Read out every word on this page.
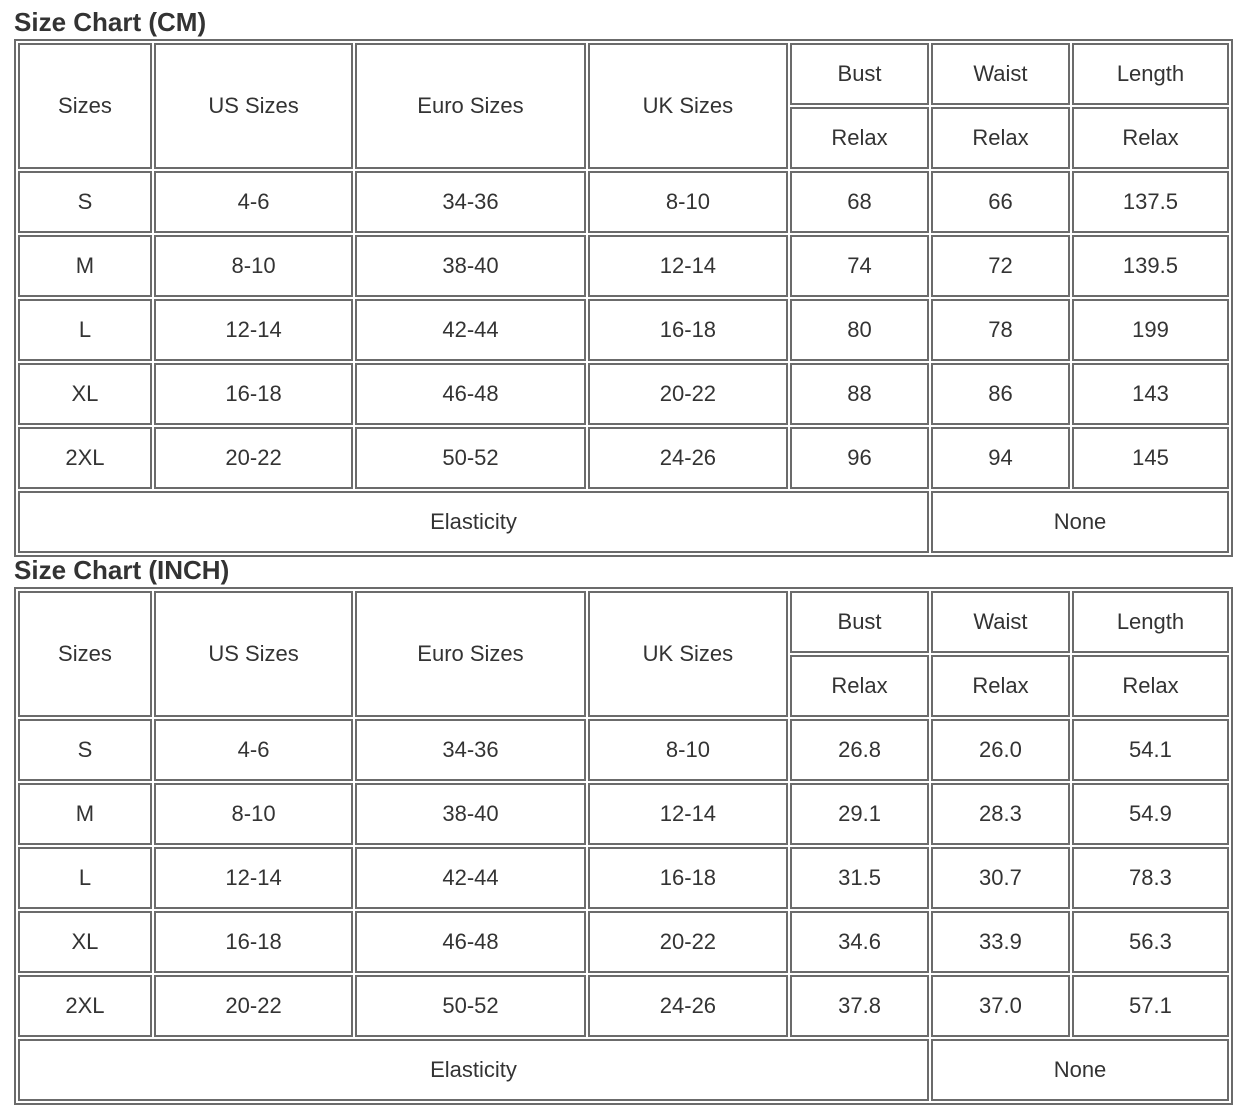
Size Chart (CM)
Sizes	US Sizes	Euro Sizes	UK Sizes	Bust	Waist	Length
				Relax	Relax	Relax
S	4-6	34-36	8-10	68	66	137.5
M	8-10	38-40	12-14	74	72	139.5
L	12-14	42-44	16-18	80	78	199
XL	16-18	46-48	20-22	88	86	143
2XL	20-22	50-52	24-26	96	94	145
Elasticity					None	
Size Chart (INCH)
Sizes	US Sizes	Euro Sizes	UK Sizes	Bust	Waist	Length
				Relax	Relax	Relax
S	4-6	34-36	8-10	26.8	26.0	54.1
M	8-10	38-40	12-14	29.1	28.3	54.9
L	12-14	42-44	16-18	31.5	30.7	78.3
XL	16-18	46-48	20-22	34.6	33.9	56.3
2XL	20-22	50-52	24-26	37.8	37.0	57.1
Elasticity					None	
